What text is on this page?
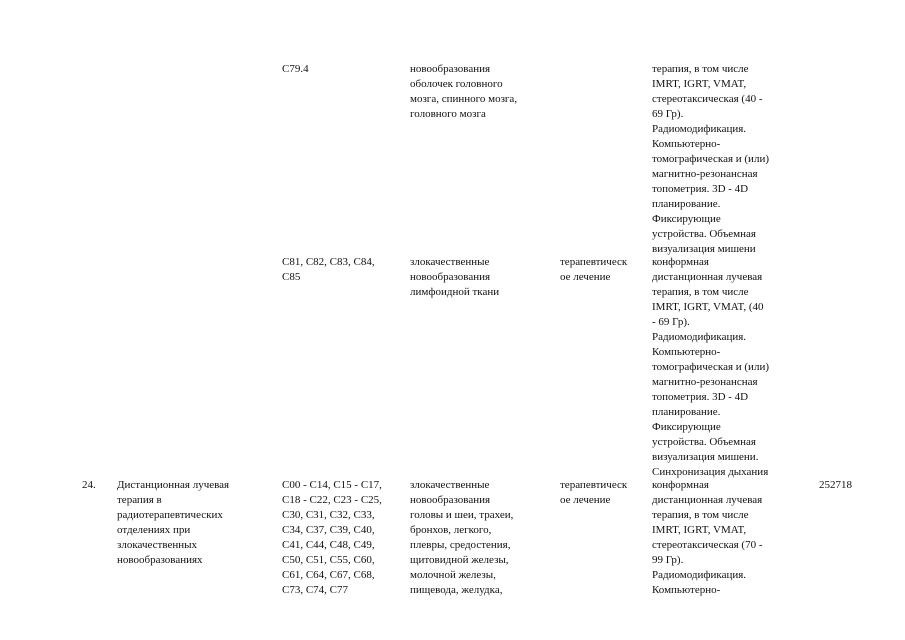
C79.4	новообразования
оболочек головного
мозга, спинного мозга,
головного мозга
терапия, в том числе
IMRT, IGRT, VMAT,
стереотаксическая (40 -
69 Гр).
Радиомодификация.
Компьютерно-
томографическая и (или)
магнитно-резонансная
топометрия. 3D - 4D
планирование.
Фиксирующие
устройства. Объемная
визуализация мишени
C81, C82, C83, C84,
C85
злокачественные
новообразования
лимфоидной ткани
терапевтическ
ое лечение
конформная
дистанционная лучевая
терапия, в том числе
IMRT, IGRT, VMAT, (40
- 69 Гр).
Радиомодификация.
Компьютерно-
томографическая и (или)
магнитно-резонансная
топометрия. 3D - 4D
планирование.
Фиксирующие
устройства. Объемная
визуализация мишени.
Синхронизация дыхания
24. Дистанционная лучевая
терапия в
радиотерапевтических
отделениях при
злокачественных
новообразованиях
C00 - C14, C15 - C17,
C18 - C22, C23 - C25,
C30, C31, C32, C33,
C34, C37, C39, C40,
C41, C44, C48, C49,
C50, C51, C55, C60,
C61, C64, C67, C68,
C73, C74, C77
злокачественные
новообразования
головы и шеи, трахеи,
бронхов, легкого,
плевры, средостения,
щитовидной железы,
молочной железы,
пищевода, желудка,
терапевтическ
ое лечение
конформная
дистанционная лучевая
терапия, в том числе
IMRT, IGRT, VMAT,
стереотаксическая (70 -
99 Гр).
Радиомодификация.
Компьютерно-
252718
